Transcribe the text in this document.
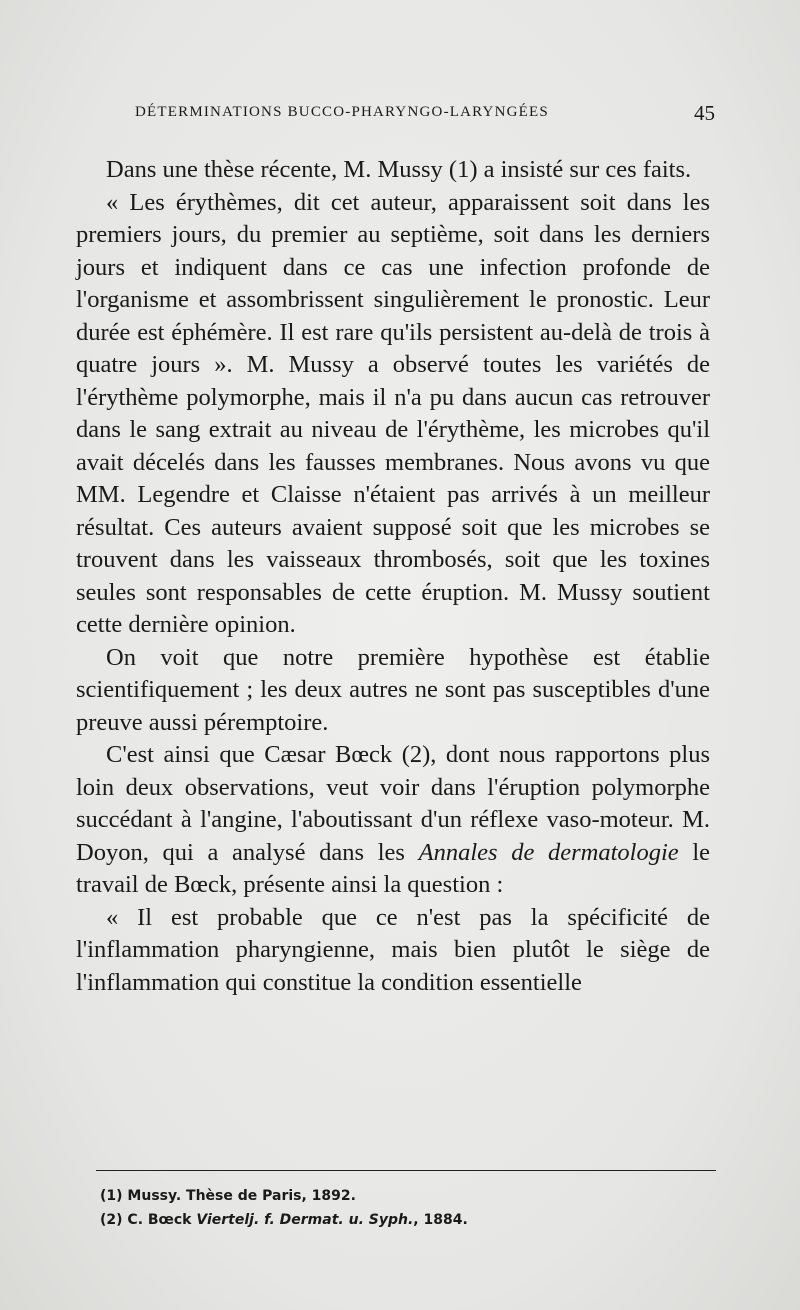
DÉTERMINATIONS BUCCO-PHARYNGO-LARYNGÉES	45

Dans une thèse récente, M. Mussy (1) a insisté sur ces faits.

« Les érythèmes, dit cet auteur, apparaissent soit dans les premiers jours, du premier au septième, soit dans les derniers jours et indiquent dans ce cas une infection profonde de l'organisme et assombrissent singulièrement le pronostic. Leur durée est éphémère. Il est rare qu'ils persistent au-delà de trois à quatre jours ». M. Mussy a observé toutes les variétés de l'érythème polymorphe, mais il n'a pu dans aucun cas retrouver dans le sang extrait au niveau de l'érythème, les microbes qu'il avait décelés dans les fausses membranes. Nous avons vu que MM. Legendre et Claisse n'étaient pas arrivés à un meilleur résultat. Ces auteurs avaient supposé soit que les microbes se trouvent dans les vaisseaux thrombosés, soit que les toxines seules sont responsables de cette éruption. M. Mussy soutient cette dernière opinion.

On voit que notre première hypothèse est établie scientifiquement ; les deux autres ne sont pas susceptibles d'une preuve aussi péremptoire.

C'est ainsi que Cæsar Bœck (2), dont nous rapportons plus loin deux observations, veut voir dans l'éruption polymorphe succédant à l'angine, l'aboutissant d'un réflexe vaso-moteur. M. Doyon, qui a analysé dans les Annales de dermatologie le travail de Bœck, présente ainsi la question :

« Il est probable que ce n'est pas la spécificité de l'inflammation pharyngienne, mais bien plutôt le siège de l'inflammation qui constitue la condition essentielle

(1) Mussy. Thèse de Paris, 1892.
(2) C. Bœck Viertelj. f. Dermat. u. Syph., 1884.
